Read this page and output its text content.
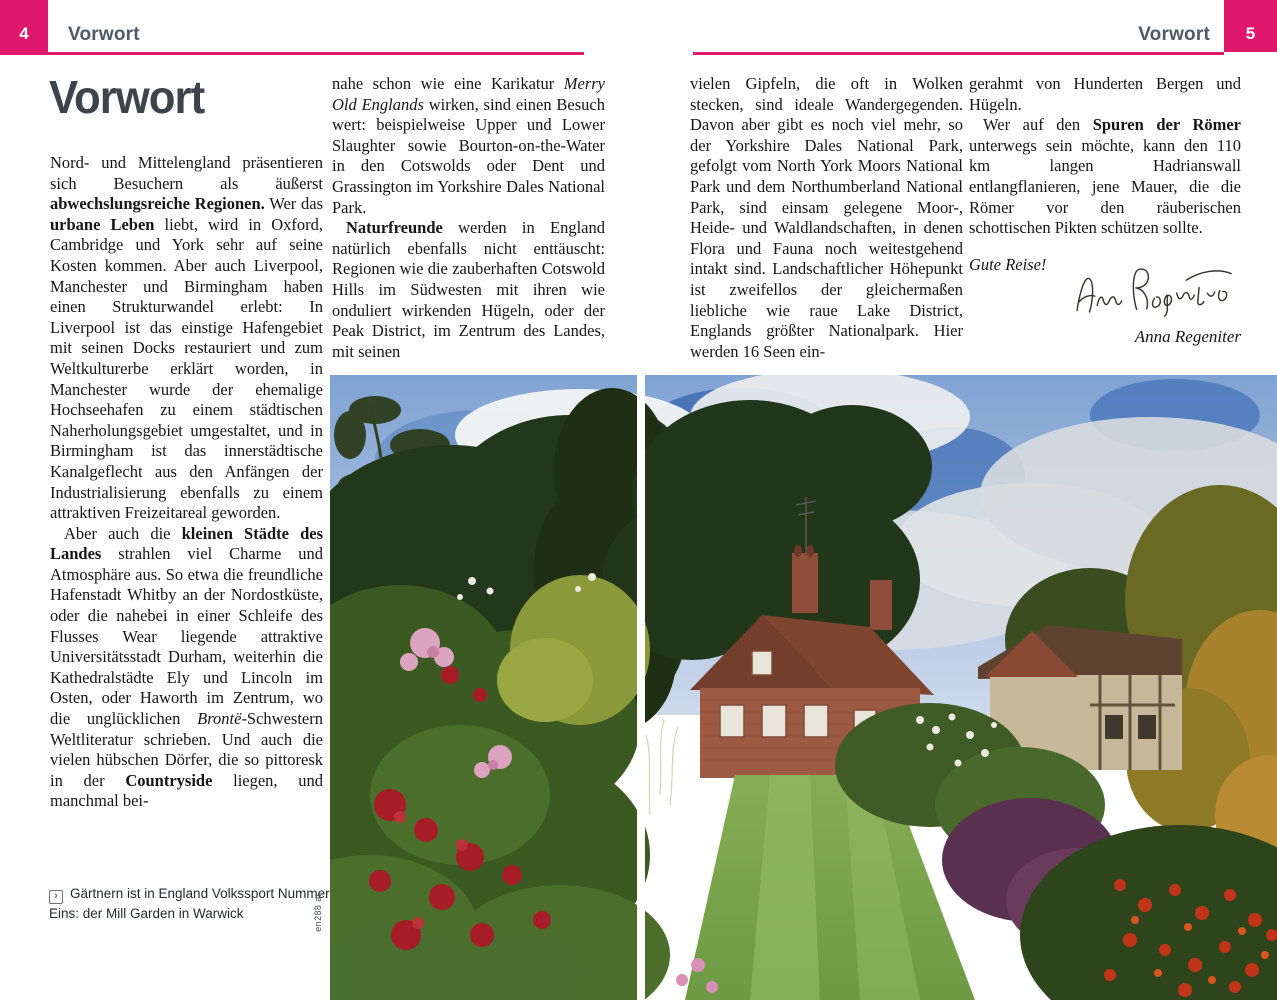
4	Vorwort	5
Vorwort
Vorwort

Nord- und Mittelengland präsentieren sich Besuchern als äußerst abwechslungsreiche Regionen. Wer das urbane Leben liebt, wird in Oxford, Cambridge und York sehr auf seine Kosten kommen. Aber auch Liverpool, Manchester und Birmingham haben einen Strukturwandel erlebt: In Liverpool ist das einstige Hafengebiet mit seinen Docks restauriert und zum Weltkulturerbe erklärt worden, in Manchester wurde der ehemalige Hochseehafen zu einem städtischen Naherholungsgebiet umgestaltet, und in Birmingham ist das innerstädtische Kanalgeflecht aus den Anfängen der Industrialisierung ebenfalls zu einem attraktiven Freizeitareal geworden.

Aber auch die kleinen Städte des Landes strahlen viel Charme und Atmosphäre aus. So etwa die freundliche Hafenstadt Whitby an der Nordostküste, oder die nahebei in einer Schleife des Flusses Wear liegende attraktive Universitätsstadt Durham, weiterhin die Kathedralstädte Ely und Lincoln im Osten, oder Haworth im Zentrum, wo die unglücklichen Brontë-Schwestern Weltliteratur schrieben. Und auch die vielen hübschen Dörfer, die so pittoresk in der Countryside liegen, und manchmal bei-

nahe schon wie eine Karikatur Merry Old Englands wirken, sind einen Besuch wert: beispielweise Upper und Lower Slaughter sowie Bourton-on-the-Water in den Cotswolds oder Dent und Grassington im Yorkshire Dales National Park.

Naturfreunde werden in England natürlich ebenfalls nicht enttäuscht: Regionen wie die zauberhaften Cotswold Hills im Südwesten mit ihren wie onduliert wirkenden Hügeln, oder der Peak District, im Zentrum des Landes, mit seinen

vielen Gipfeln, die oft in Wolken stecken, sind ideale Wandergegenden. Davon aber gibt es noch viel mehr, so der Yorkshire Dales National Park, gefolgt vom North York Moors National Park und dem Northumberland National Park, sind einsam gelegene Moor-, Heide- und Waldlandschaften, in denen Flora und Fauna noch weitestgehend intakt sind. Landschaftlicher Höhepunkt ist zweifellos der gleichermaßen liebliche wie raue Lake District, Englands größter Nationalpark. Hier werden 16 Seen ein-

gerahmt von Hunderten Bergen und Hügeln.

Wer auf den Spuren der Römer unterwegs sein möchte, kann den 110 km langen Hadrianswall entlangflanieren, jene Mauer, die die Römer vor den räuberischen schottischen Pikten schützen sollte.

Gute Reise!

Anna Regeniter

› Gärtnern ist in England Volkssport Nummer Eins: der Mill Garden in Warwick	en288 ar
